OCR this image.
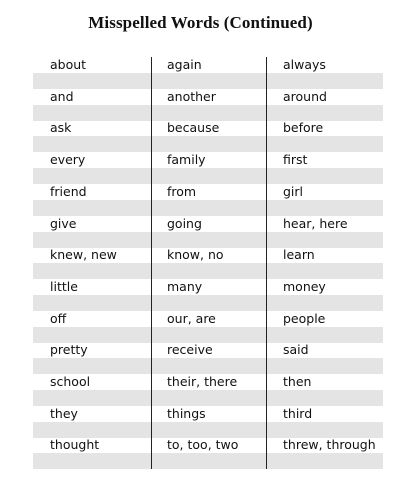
Misspelled Words (Continued)
about
and
ask
every
friend
give
knew, new
little
off
pretty
school
they
thought
again
another
because
family
from
going
know, no
many
our, are
receive
their, there
things
to, too, two
always
around
before
first
girl
hear, here
learn
money
people
said
then
third
threw, through
